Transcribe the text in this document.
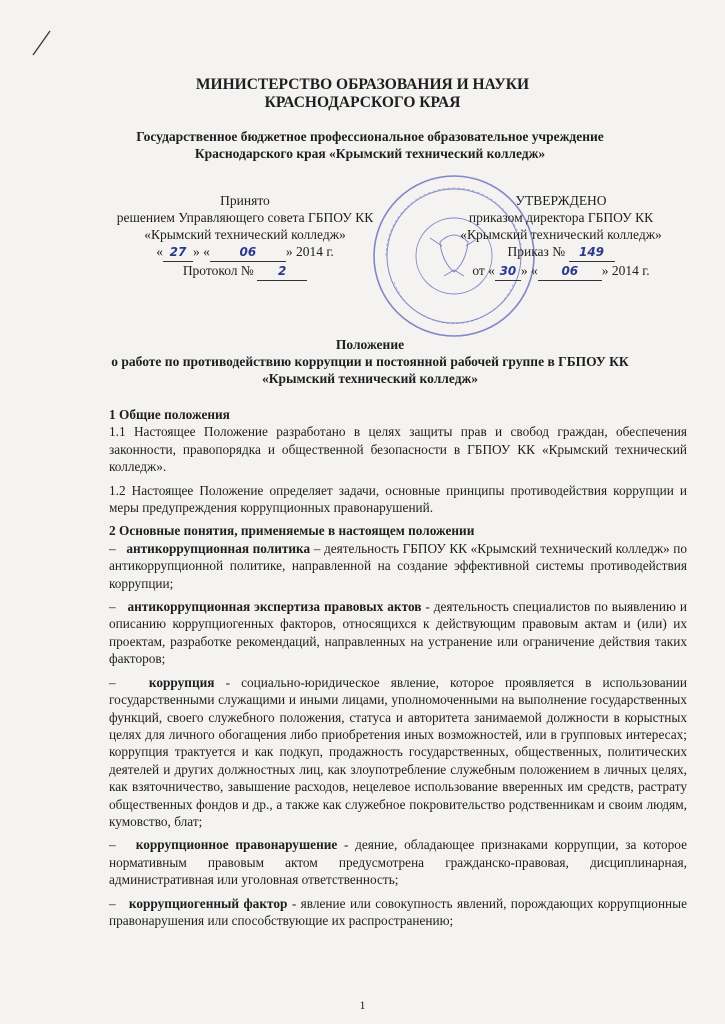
МИНИСТЕРСТВО ОБРАЗОВАНИЯ И НАУКИ
КРАСНОДАРСКОГО КРАЯ
Государственное бюджетное профессиональное образовательное учреждение
Краснодарского края «Крымский технический колледж»
Принято
решением Управляющего совета ГБПОУ КК
«Крымский технический колледж»
« 27 » « 06 » 2014 г.
Протокол № 2
УТВЕРЖДЕНО
приказом директора ГБПОУ КК
«Крымский технический колледж»
Приказ № 149
от « 30 » « 06 » 2014 г.
Положение
о работе по противодействию коррупции и постоянной рабочей группе в ГБПОУ КК
«Крымский технический колледж»

1 Общие положения

1.1 Настоящее Положение разработано в целях защиты прав и свобод граждан, обеспечения законности, правопорядка и общественной безопасности в ГБПОУ КК «Крымский технический колледж».

1.2 Настоящее Положение определяет задачи, основные принципы противодействия коррупции и меры предупреждения коррупционных правонарушений.

2 Основные понятия, применяемые в настоящем положении

–   антикоррупционная политика – деятельность ГБПОУ КК «Крымский технический колледж» по антикоррупционной политике, направленной на создание эффективной системы противодействия коррупции;

–   антикоррупционная экспертиза правовых актов - деятельность специалистов по выявлению и описанию коррупциогенных факторов, относящихся к действующим правовым актам и (или) их проектам, разработке рекомендаций, направленных на устранение или ограничение действия таких факторов;

–   коррупция - социально-юридическое явление, которое проявляется в использовании государственными служащими и иными лицами, уполномоченными на выполнение государственных функций, своего служебного положения, статуса и авторитета занимаемой должности в корыстных целях для личного обогащения либо приобретения иных возможностей, или в групповых интересах; коррупция трактуется и как подкуп, продажность государственных, общественных, политических деятелей и других должностных лиц, как злоупотребление служебным положением в личных целях, как взяточничество, завышение расходов, нецелевое использование вверенных им средств, растрату общественных фондов и др., а также как служебное покровительство родственникам и своим людям, кумовство, блат;

–   коррупционное правонарушение - деяние, обладающее признаками коррупции, за которое нормативным правовым актом предусмотрена гражданско-правовая, дисциплинарная, административная или уголовная ответственность;

–   коррупциогенный фактор - явление или совокупность явлений, порождающих коррупционные правонарушения или способствующие их распространению;

1
